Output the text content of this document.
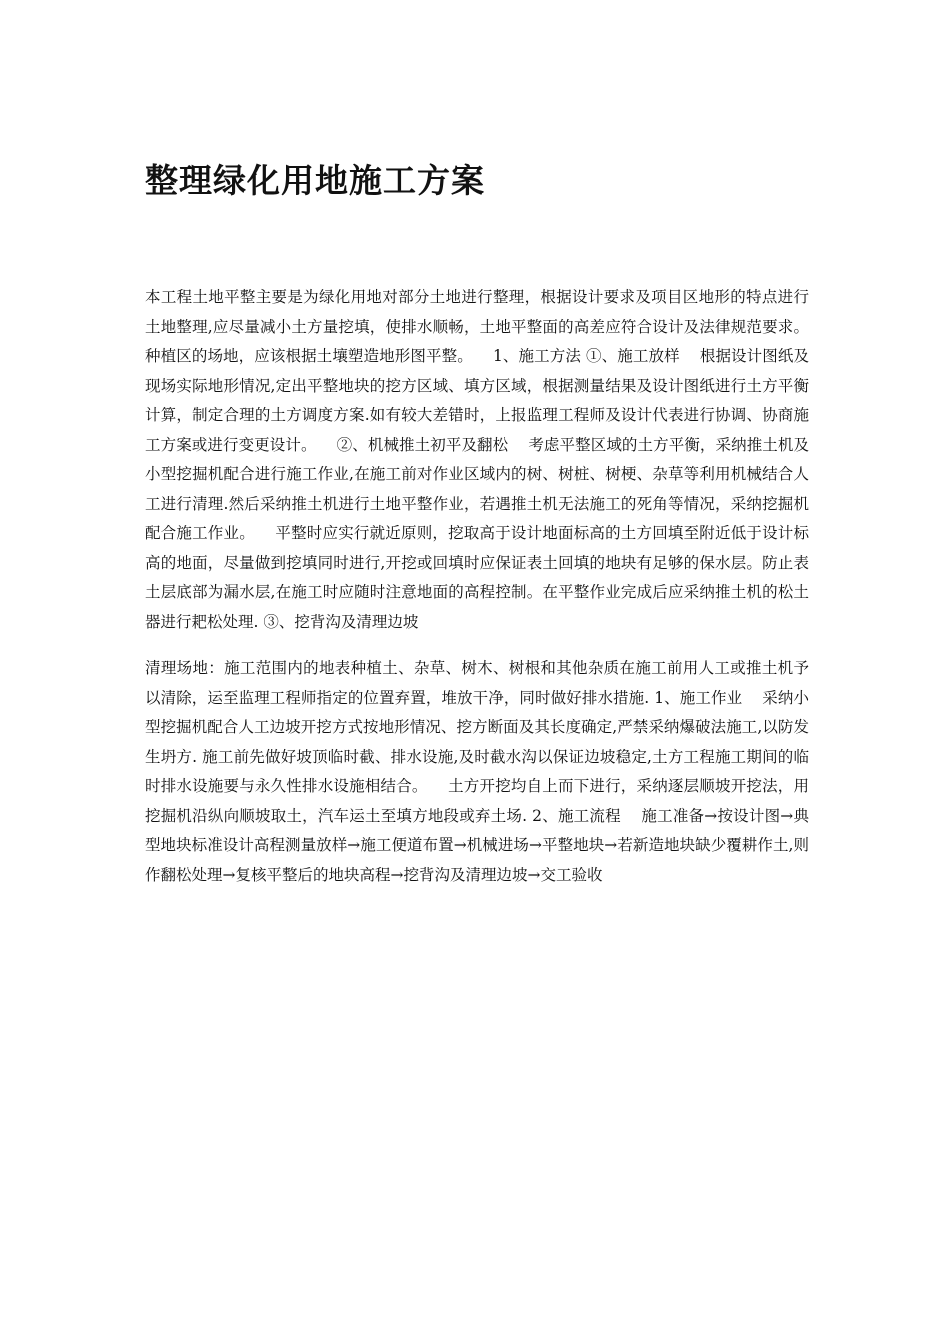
整理绿化用地施工方案

本工程土地平整主要是为绿化用地对部分土地进行整理，根据设计要求及项目区地形的特点进行土地整理,应尽量减小土方量挖填，使排水顺畅，土地平整面的高差应符合设计及法律规范要求。种植区的场地，应该根据土壤塑造地形图平整。    1、施工方法 ①、施工放样    根据设计图纸及现场实际地形情况,定出平整地块的挖方区域、填方区域，根据测量结果及设计图纸进行土方平衡计算，制定合理的土方调度方案.如有较大差错时，上报监理工程师及设计代表进行协调、协商施工方案或进行变更设计。    ②、机械推土初平及翻松    考虑平整区域的土方平衡，采纳推土机及小型挖掘机配合进行施工作业,在施工前对作业区域内的树、树桩、树梗、杂草等利用机械结合人工进行清理.然后采纳推土机进行土地平整作业，若遇推土机无法施工的死角等情况，采纳挖掘机配合施工作业。    平整时应实行就近原则，挖取高于设计地面标高的土方回填至附近低于设计标高的地面，尽量做到挖填同时进行,开挖或回填时应保证表土回填的地块有足够的保水层。防止表土层底部为漏水层,在施工时应随时注意地面的高程控制。在平整作业完成后应采纳推土机的松土器进行耙松处理. ③、挖背沟及清理边坡

清理场地：施工范围内的地表种植土、杂草、树木、树根和其他杂质在施工前用人工或推土机予以清除，运至监理工程师指定的位置弃置，堆放干净，同时做好排水措施. 1、施工作业    采纳小型挖掘机配合人工边坡开挖方式按地形情况、挖方断面及其长度确定,严禁采纳爆破法施工,以防发生坍方. 施工前先做好坡顶临时截、排水设施,及时截水沟以保证边坡稳定,土方工程施工期间的临时排水设施要与永久性排水设施相结合。    土方开挖均自上而下进行，采纳逐层顺坡开挖法，用挖掘机沿纵向顺坡取土，汽车运土至填方地段或弃土场. 2、施工流程    施工准备→按设计图→典型地块标准设计高程测量放样→施工便道布置→机械进场→平整地块→若新造地块缺少覆耕作土,则作翻松处理→复核平整后的地块高程→挖背沟及清理边坡→交工验收
